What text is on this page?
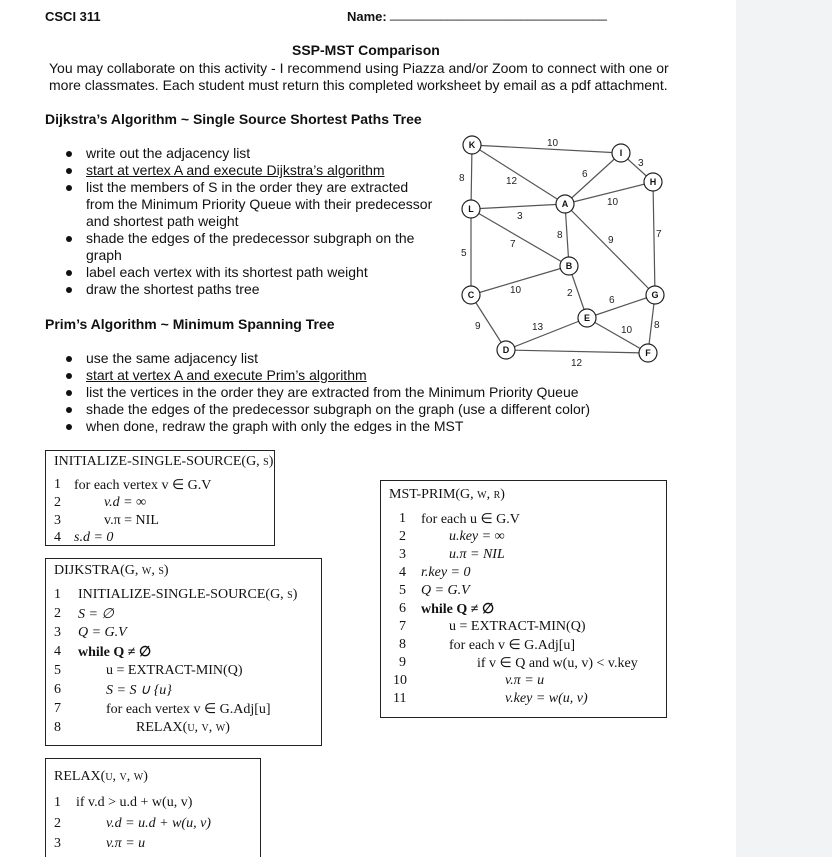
CSCI 311	Name: ______________________________
SSP-MST Comparison
You may collaborate on this activity - I recommend using Piazza and/or Zoom to connect with one or
more classmates. Each student must return this completed worksheet by email as a pdf attachment.
Dijkstra’s Algorithm ~ Single Source Shortest Paths Tree
write out the adjacency list
start at vertex A and execute Dijkstra’s algorithm
list the members of S in the order they are extracted
from the Minimum Priority Queue with their predecessor
and shortest path weight
shade the edges of the predecessor subgraph on the
graph
label each vertex with its shortest path weight
draw the shortest paths tree
Prim’s Algorithm ~ Minimum Spanning Tree
use the same adjacency list
start at vertex A and execute Prim’s algorithm
list the vertices in the order they are extracted from the Minimum Priority Queue
shade the edges of the predecessor subgraph on the graph (use a different color)
when done, redraw the graph with only the edges in the MST
10
6
3
12
8
10
3
8	7
9
7
5
2
6
10
9	13	8
10
12
K
I
H
A
L
B
C
E
G
D	F
INITIALIZE-SINGLE-SOURCE(G, s)
1 for each vertex v ∈ G.V
2	v.d = ∞
3	v.π = NIL
4 s.d = 0
DIJKSTRA(G, w, s)
1 INITIALIZE-SINGLE-SOURCE(G, s)
2 S = ∅
3 Q = G.V
4 while Q ≠ ∅
5	u = EXTRACT-MIN(Q)
6	S = S ∪ {u}
7	for each vertex v ∈ G.Adj[u]
8	RELAX(u, v, w)
RELAX(u, v, w)
1 if v.d > u.d + w(u, v)
2	v.d = u.d + w(u, v)
3	v.π = u
MST-PRIM(G, w, r)
1 for each u ∈ G.V
2	u.key = ∞
3	u.π = NIL
4 r.key = 0
5 Q = G.V
6 while Q ≠ ∅
7	u = EXTRACT-MIN(Q)
8	for each v ∈ G.Adj[u]
9	if v ∈ Q and w(u, v) < v.key
10	v.π = u
11	v.key = w(u, v)
